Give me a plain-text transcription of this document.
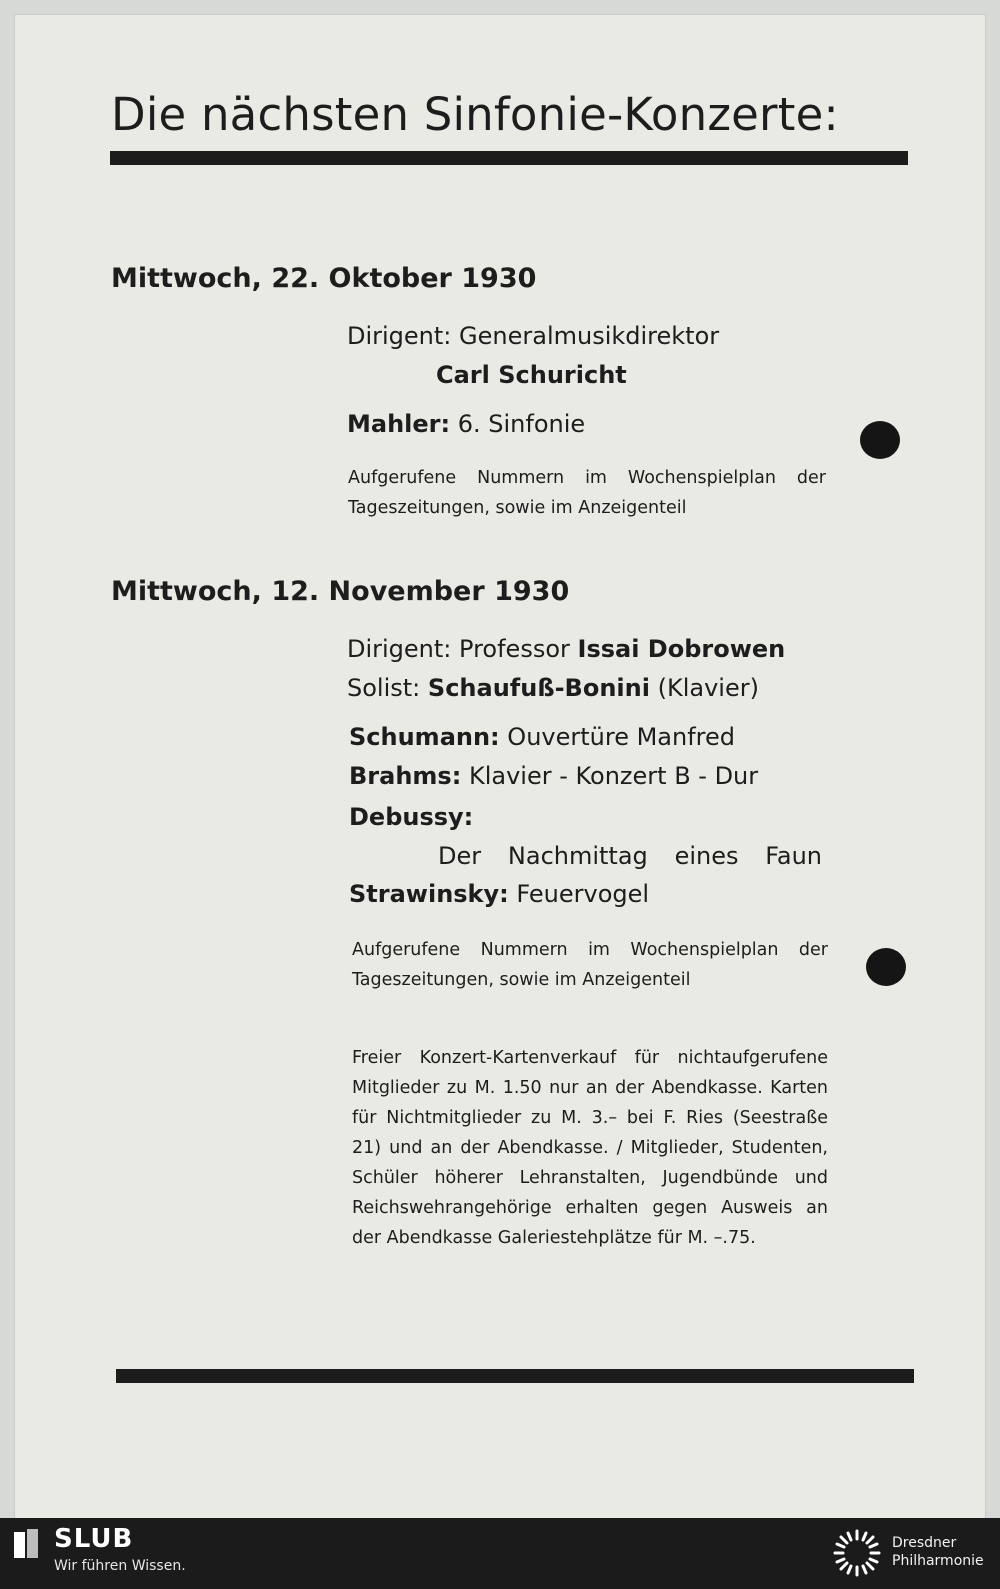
Die nächsten Sinfonie-Konzerte:
Mittwoch, 22. Oktober 1930
Dirigent: Generalmusikdirektor
Carl Schuricht
Mahler: 6. Sinfonie
Aufgerufene Nummern im Wochenspielplan der Tageszeitungen, sowie im Anzeigenteil
Mittwoch, 12. November 1930
Dirigent: Professor Issai Dobrowen
Solist: Schaufuß-Bonini (Klavier)
Schumann: Ouvertüre Manfred
Brahms: Klavier - Konzert B - Dur
Debussy:
Der Nachmittag eines Faun
Strawinsky: Feuervogel
Aufgerufene Nummern im Wochenspielplan der Tageszeitungen, sowie im Anzeigenteil
Freier Konzert-Kartenverkauf für nichtaufgerufene Mitglieder zu M. 1.50 nur an der Abendkasse. Karten für Nichtmitglieder zu M. 3.– bei F. Ries (Seestraße 21) und an der Abendkasse. / Mitglieder, Studenten, Schüler höherer Lehranstalten, Jugendbünde und Reichswehrangehörige erhalten gegen Ausweis an der Abendkasse Galeriestehplätze für M. –.75.
SLUB
Wir führen Wissen.
Dresdner
Philharmonie
